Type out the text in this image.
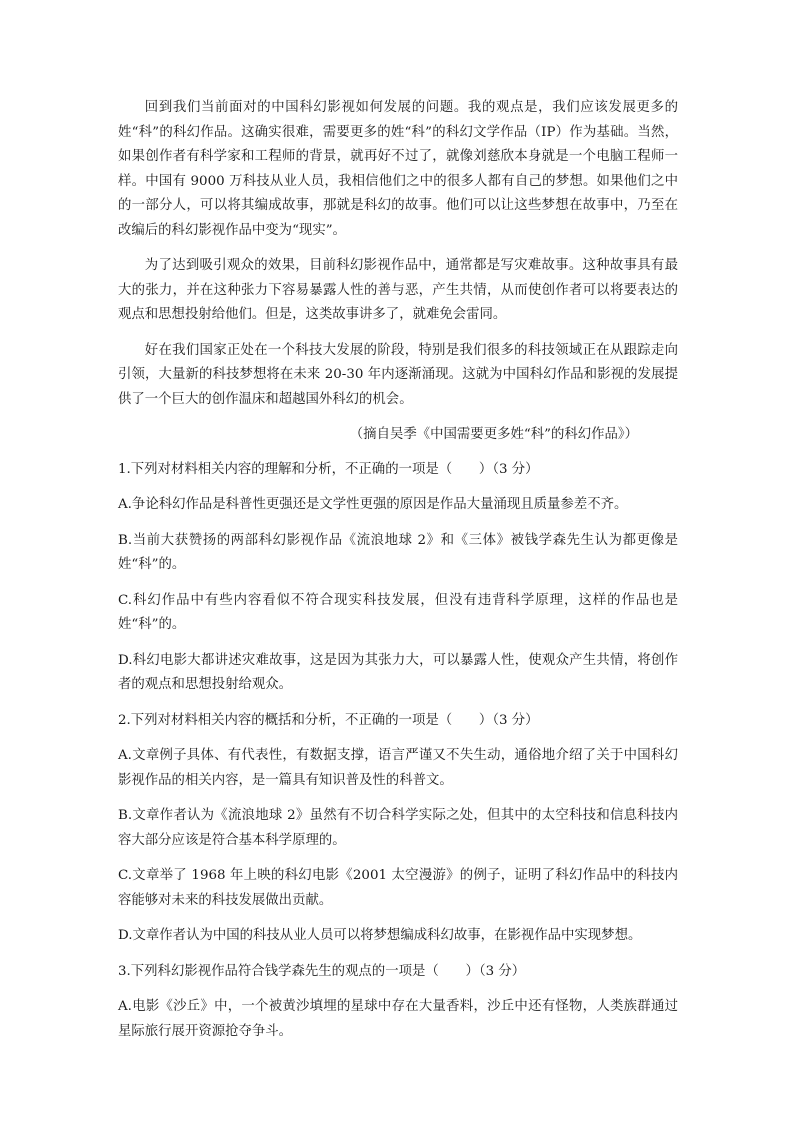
回到我们当前面对的中国科幻影视如何发展的问题。我的观点是，我们应该发展更多的姓“科”的科幻作品。这确实很难，需要更多的姓“科”的科幻文学作品（IP）作为基础。当然，如果创作者有科学家和工程师的背景，就再好不过了，就像刘慈欣本身就是一个电脑工程师一样。中国有 9000 万科技从业人员，我相信他们之中的很多人都有自己的梦想。如果他们之中的一部分人，可以将其编成故事，那就是科幻的故事。他们可以让这些梦想在故事中，乃至在改编后的科幻影视作品中变为“现实”。

为了达到吸引观众的效果，目前科幻影视作品中，通常都是写灾难故事。这种故事具有最大的张力，并在这种张力下容易暴露人性的善与恶，产生共情，从而使创作者可以将要表达的观点和思想投射给他们。但是，这类故事讲多了，就难免会雷同。

好在我们国家正处在一个科技大发展的阶段，特别是我们很多的科技领域正在从跟踪走向引领，大量新的科技梦想将在未来 20-30 年内逐渐涌现。这就为中国科幻作品和影视的发展提供了一个巨大的创作温床和超越国外科幻的机会。

（摘自吴季《中国需要更多姓“科”的科幻作品》）

1.下列对材料相关内容的理解和分析，不正确的一项是（　　）（3 分）

A.争论科幻作品是科普性更强还是文学性更强的原因是作品大量涌现且质量参差不齐。

B.当前大获赞扬的两部科幻影视作品《流浪地球 2》和《三体》被钱学森先生认为都更像是姓“科”的。

C.科幻作品中有些内容看似不符合现实科技发展，但没有违背科学原理，这样的作品也是姓“科”的。

D.科幻电影大都讲述灾难故事，这是因为其张力大，可以暴露人性，使观众产生共情，将创作者的观点和思想投射给观众。

2.下列对材料相关内容的概括和分析，不正确的一项是（　　）（3 分）

A.文章例子具体、有代表性，有数据支撑，语言严谨又不失生动，通俗地介绍了关于中国科幻影视作品的相关内容，是一篇具有知识普及性的科普文。

B.文章作者认为《流浪地球 2》虽然有不切合科学实际之处，但其中的太空科技和信息科技内容大部分应该是符合基本科学原理的。

C.文章举了 1968 年上映的科幻电影《2001 太空漫游》的例子，证明了科幻作品中的科技内容能够对未来的科技发展做出贡献。

D.文章作者认为中国的科技从业人员可以将梦想编成科幻故事，在影视作品中实现梦想。

3.下列科幻影视作品符合钱学森先生的观点的一项是（　　）（3 分）

A.电影《沙丘》中，一个被黄沙填埋的星球中存在大量香料，沙丘中还有怪物，人类族群通过星际旅行展开资源抢夺争斗。
